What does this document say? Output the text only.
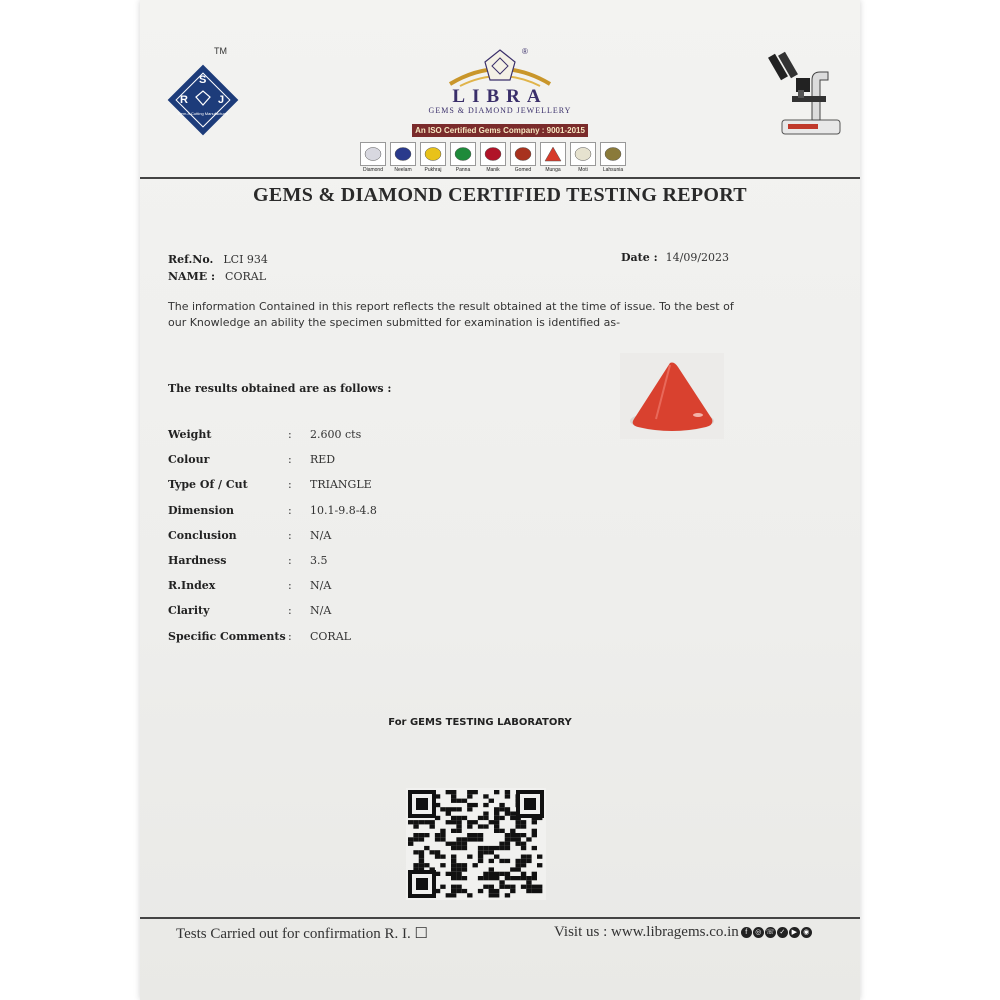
TM
S
R	J
Gem-n Cutting Manufacturer
®
LIBRA
GEMS & DIAMOND JEWELLERY
An ISO Certified Gems Company : 9001-2015
Diamond Neelam	Pukhraj	Panna	Manik	Gomed	Munga	Moti	Lahsunia
GEMS & DIAMOND CERTIFIED TESTING REPORT
Ref.No. LCI 934
NAME : CORAL
Date : 14/09/2023
The information Contained in this report reflects the result obtained at the time of issue. To the best of our Knowledge an ability the specimen submitted for examination is identified as-
The results obtained are as follows :
Weight	: 2.600 cts
Colour	: RED
Type Of / Cut	: TRIANGLE
Dimension	: 10.1-9.8-4.8
Conclusion	: N/A
Hardness	: 3.5
R.Index	: N/A
Clarity	: N/A
Specific Comments : CORAL
For GEMS TESTING LABORATORY
Tests Carried out for confirmation R. I. ☐	Visit us : www.libragems.co.in f	◎ ☏ ✓ ▶ ◉
